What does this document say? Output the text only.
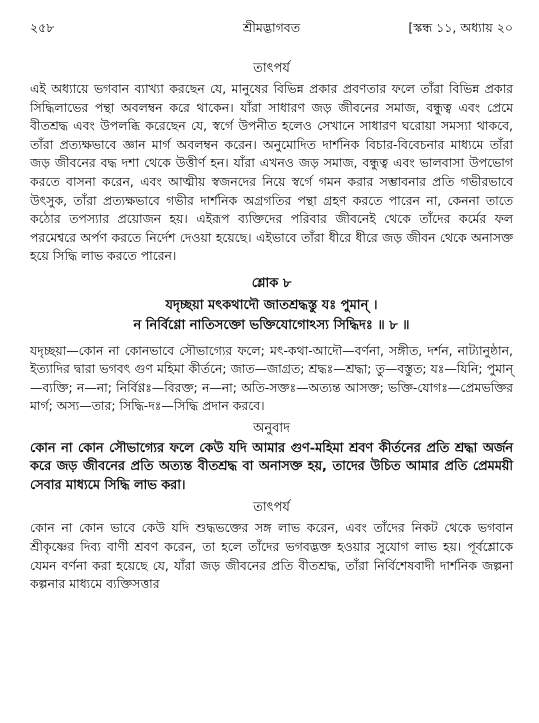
২৫৮	শ্রীমদ্ভাগবত	[স্কন্ধ ১১, অধ্যায় ২০
তাৎপর্য

এই অধ্যায়ে ভগবান ব্যাখ্যা করছেন যে, মানুষের বিভিন্ন প্রকার প্রবণতার ফলে তাঁরা বিভিন্ন প্রকার সিদ্ধিলাভের পন্থা অবলম্বন করে থাকেন। যাঁরা সাধারণ জড় জীবনের সমাজ, বন্ধুত্ব এবং প্রেমে বীতশ্রদ্ধ এবং উপলব্ধি করেছেন যে, স্বর্গে উপনীত হলেও সেখানে সাধারণ ঘরোয়া সমস্যা থাকবে, তাঁরা প্রত্যক্ষভাবে জ্ঞান মার্গ অবলম্বন করেন। অনুমোদিত দার্শনিক বিচার-বিবেচনার মাধ্যমে তাঁরা জড় জীবনের বদ্ধ দশা থেকে উত্তীর্ণ হন। যাঁরা এখনও জড় সমাজ, বন্ধুত্ব এবং ভালবাসা উপভোগ করতে বাসনা করেন, এবং আত্মীয় স্বজনদের নিয়ে স্বর্গে গমন করার সম্ভাবনার প্রতি গভীরভাবে উৎসুক, তাঁরা প্রত্যক্ষভাবে গভীর দার্শনিক অগ্রগতির পন্থা গ্রহণ করতে পারেন না, কেননা তাতে কঠোর তপস্যার প্রয়োজন হয়। এইরূপ ব্যক্তিদের পরিবার জীবনেই থেকে তাঁদের কর্মের ফল পরমেশ্বরে অর্পণ করতে নির্দেশ দেওয়া হয়েছে। এইভাবে তাঁরা ধীরে ধীরে জড় জীবন থেকে অনাসক্ত হয়ে সিদ্ধি লাভ করতে পারেন।

শ্লোক ৮

যদৃচ্ছয়া মৎকথাদৌ জাতশ্রদ্ধস্তু যঃ পুমান্ ।

ন নির্বিণ্ণো নাতিসক্তো ভক্তিযোগোঽস্য সিদ্ধিদঃ ॥ ৮ ॥

যদৃচ্ছয়া—কোন না কোনভাবে সৌভাগ্যের ফলে; মৎ-কথা-আদৌ—বর্ণনা, সঙ্গীত, দর্শন, নাট্যানুষ্ঠান, ইত্যাদির দ্বারা ভগবৎ গুণ মহিমা কীর্তনে; জাত—জাগ্রত; শ্রদ্ধঃ—শ্রদ্ধা; তু—বস্তুত; যঃ—যিনি; পুমান্—ব্যক্তি; ন—না; নির্বিণ্ণঃ—বিরক্ত; ন—না; অতি-সক্তঃ—অত্যন্ত আসক্ত; ভক্তি-যোগঃ—প্রেমভক্তির মার্গ; অস্য—তার; সিদ্ধি-দঃ—সিদ্ধি প্রদান করবে।

অনুবাদ

কোন না কোন সৌভাগ্যের ফলে কেউ যদি আমার গুণ-মহিমা শ্রবণ কীর্তনের প্রতি শ্রদ্ধা অর্জন করে জড় জীবনের প্রতি অত্যন্ত বীতশ্রদ্ধ বা অনাসক্ত হয়, তাদের উচিত আমার প্রতি প্রেমময়ী সেবার মাধ্যমে সিদ্ধি লাভ করা।

তাৎপর্য

কোন না কোন ভাবে কেউ যদি শুদ্ধভক্তের সঙ্গ লাভ করেন, এবং তাঁদের নিকট থেকে ভগবান শ্রীকৃষ্ণের দিব্য বাণী শ্রবণ করেন, তা হলে তাঁদের ভগবদ্ভক্ত হওয়ার সুযোগ লাভ হয়। পূর্বশ্লোকে যেমন বর্ণনা করা হয়েছে যে, যাঁরা জড় জীবনের প্রতি বীতশ্রদ্ধ, তাঁরা নির্বিশেষবাদী দার্শনিক জল্পনা কল্পনার মাধ্যমে ব্যক্তিসত্তার
